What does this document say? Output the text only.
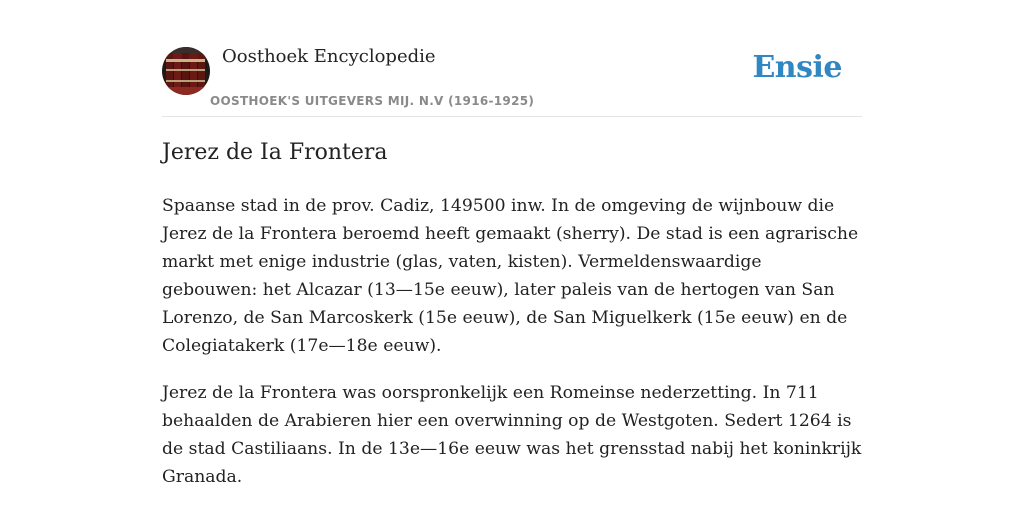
Oosthoek Encyclopedie
OOSTHOEK'S UITGEVERS MIJ. N.V (1916-1925)
Ensie
Jerez de Ia Frontera

Spaanse stad in de prov. Cadiz, 149500 inw. In de omgeving de wijnbouw die Jerez de la Frontera beroemd heeft gemaakt (sherry). De stad is een agrarische markt met enige industrie (glas, vaten, kisten). Vermeldenswaardige gebouwen: het Alcazar (13—15e eeuw), later paleis van de hertogen van San Lorenzo, de San Marcoskerk (15e eeuw), de San Miguelkerk (15e eeuw) en de Colegiatakerk (17e—18e eeuw).

Jerez de la Frontera was oorspronkelijk een Romeinse nederzetting. In 711 behaalden de Arabieren hier een overwinning op de Westgoten. Sedert 1264 is de stad Castiliaans. In de 13e—16e eeuw was het grensstad nabij het koninkrijk Granada.
